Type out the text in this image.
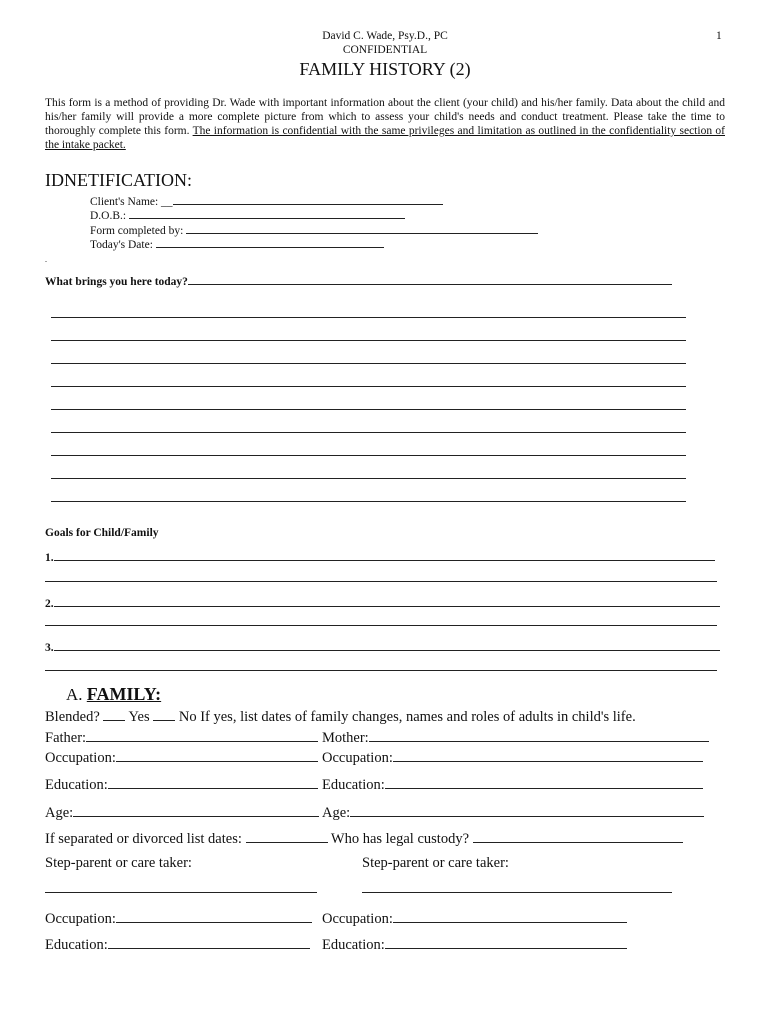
David C. Wade, Psy.D., PC
CONFIDENTIAL
1
FAMILY HISTORY (2)
This form is a method of providing Dr. Wade with important information about the client (your child) and his/her family. Data about the child and his/her family will provide a more complete picture from which to assess your child's needs and conduct treatment. Please take the time to thoroughly complete this form. The information is confidential with the same privileges and limitation as outlined in the confidentiality section of the intake packet.
IDNETIFICATION:
Client's Name: __
D.O.B.:
Form completed by:
Today's Date:
.
What brings you here today?
Goals for Child/Family
1.
2.
3.
A. FAMILY:
Blended? Yes No If yes, list dates of family changes, names and roles of adults in child's life.
Father:	Mother:
Occupation:	Occupation:
Education:	Education:
Age:	Age:
If separated or divorced list dates:	Who has legal custody?
Step-parent or care taker:	Step-parent or care taker:
Occupation:	Occupation:
Education:	Education:
